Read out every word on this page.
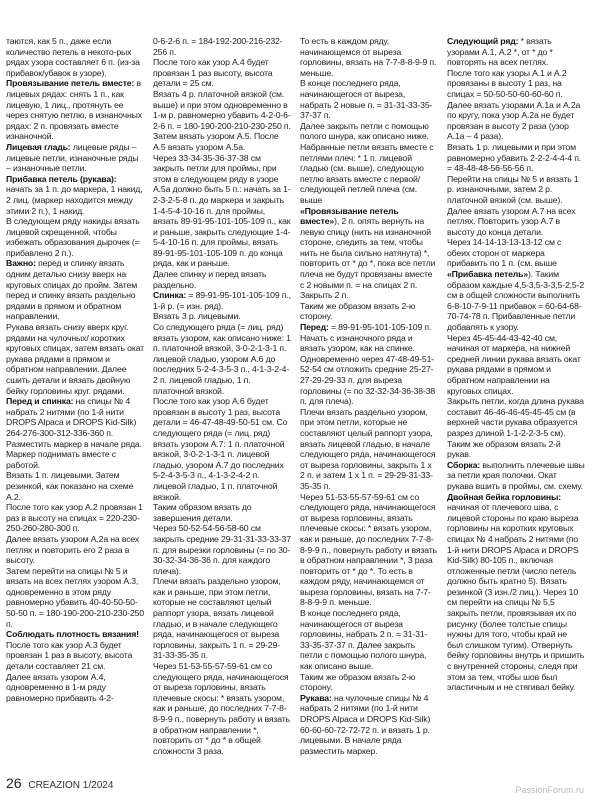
таются, как 5 п., даже если количество петель в некото-рых рядах узора составляет 6 п. (из-за прибавок/убавок в узоре).

Провязывание петель вместе: в лицевых рядах: снять 1 п., как лицевую, 1 лиц., протянуть ее через снятую петлю, в изнаночных рядах: 2 п. провязать вместе изнаночной.

Лицевая гладь: лицевые ряды – лицевые петли, изнаночные ряды – изнаночные петли.

Прибавка петель (рукава): начать за 1 п. до маркера, 1 накид, 2 лиц. (маркер находится между этими 2 п.), 1 накид.

В следующем ряду накиды вязать лицевой скрещенной, чтобы избежать образования дырочек (= прибавлено 2 п.).

Важно: перед и спинку вязать одним деталью снизу вверх на круговых спицах до пройм. Затем перед и спинку вязать раздельно рядами в прямом и обратном направлении.

Рукава вязать снизу вверх круг. рядами на чулочных/ коротких круговых спицах, затем вязать окат рукава рядами в прямом и обратном направлении. Далее сшить детали и вязать двойную бейку горловины круг. рядами.

Перед и спинка: на спицы № 4 набрать 2 нитями (по 1-й нити DROPS Alpaca и DROPS Kid-Silk) 264-276-300-312-336-360 п.

Разместить маркер в начале ряда. Маркер поднимать вместе с работой.

Вязать 1 п. лицевыми. Затем резинкой, как показано на схеме А.2.

После того как узор А.2 провязан 1 раз в высоту на спицах = 220-230-250-260-280-300 п.

Далее вязать узором А.2а на всех петлях и повторить его 2 раза в высоту.

Затем перейти на спицы № 5 и вязать на всех петлях узором А.3, одновременно в этом ряду равномерно убавить 40-40-50-50-50-50 п. = 180-190-200-210-230-250 п.

Соблюдать плотность вязания!

После того как узор А.3 будет провязан 1 раз в высоту, высота детали составляет 21 см.

Далее вязать узором А.4, одновременно в 1-м ряду равномерно прибавить 4-2-

0-6-2-6 п. = 184-192-200-216-232-256 п.

После того как узор А.4 будет провязан 1 раз высоту, высота детали = 25 см.

Вязать 4 р. платочной вязкой (см. выше) и при этом одновременно в 1-м р. равномерно убавить 4-2-0-6-2-6 п. = 180-190-200-210-230-250 п.

Затем вязать узором А.5. После А.5 вязать узором А.5а.

Через 33-34-35-36-37-38 см закрыть петли для проймы, при этом в следующем ряду в узоре А.5а должно быть 5 п.: начать за 1-2-3-2-5-8 п. до маркера и закрыть 1-4-5-4-10-16 п. для проймы, вязать 89-91-95-101-105-109 п., как и раньше, закрыть следующие 1-4-5-4-10-16 п. для проймы, вязать 89-91-95-101-105-109 п. до конца ряда, как и раньше.

Далее спинку и перед вязать раздельно.

Спинка: = 89-91-95-101-105-109 п., 1-й р. (= изн. ряд).

Вязать 3 р. лицевыми.

Со следующего ряда (= лиц. ряд) вязать узором, как описано ниже: 1 п. платочной вязкой, 3-0-2-1-3-1 п. лицевой гладью, узором А.6 до последних 5-2-4-3-5-3 п., 4-1-3-2-4-2 п. лицевой гладью, 1 п. платочной вязкой.

После того как узор А.6 будет провязан в высоту 1 раз, высота детали = 46-47-48-49-50-51 см. Со следующего ряда (= лиц. ряд) вязать узором А.7: 1 п. платочной вязкой, 3-0-2-1-3-1 п. лицевой гладью, узором А.7 до последних 5-2-4-3-5-3 п., 4-1-3-2-4-2 п. лицевой гладью, 1 п. платочной вязкой.

Таким образом вязать до завершения детали.

Через 50-52-54-56-58-60 см закрыть средние 29-31-31-33-33-37 п. для вырезки горловины (= по 30-30-32-34-36-36 п. для каждого плеча).

Плечи вязать раздельно узором, как и раньше, при этом петли, которые не составляют целый раппорт узора, вязать лицевой гладью, и в начале следующего ряда, начинающегося от выреза горловины, закрыть 1 п. = 29-29-31-33-35-35 п.

Через 51-53-55-57-59-61 см со следующего ряда, начинающегося от выреза горловины, вязать плечевые скосы: * вязать узором, как и раньше, до последних 7-7-8-8-9-9 п., повернуть работу и вязать в обратном направлении *, повторить от * до * в общей сложности 3 раза.

То есть в каждом ряду, начинающемся от выреза горловины, вязать на 7-7-8-8-9-9 п. меньше.

В конце последнего ряда, начинающегося от выреза, набрать 2 новые п. = 31-31-33-35-37-37 п.

Далее закрыть петли с помощью полого шнура, как описано ниже. Набранные петли вязать вместе с петлями плеч: * 1 п. лицевой гладью (см. выше), следующую петлю вязать вместе с первой/следующей петлей плеча (см. выше

«Провязывание петель вместе»), 2 п. опять вернуть на левую спицу (нить на изнаночной стороне, следить за тем, чтобы нить не была сильно натянута) *, повторить от * до *, пока все петли плеча не будут провязаны вместе с 2 новыми п. = на спицах 2 п. Закрыть 2 п.

Таким же образом вязать 2-ю сторону.

Перед: = 89-91-95-101-105-109 п. Начать с изнаночного ряда и вязать узором, как на спинке.

Одновременно через 47-48-49-51-52-54 см отложить средние 25-27-27-29-29-33 п. для выреза горловины (= по 32-32-34-36-38-38 п. для плеча).

Плечи вязать раздельно узором, при этом петли, которые не составляют целый раппорт узора, вязать лицевой гладью, в начале следующего ряда, начинающегося от выреза горловины, закрыть 1 х 2 п. и затем 1 х 1 п. = 29-29-31-33-35-35 п.

Через 51-53-55-57-59-61 см со следующего ряда, начинающегося от выреза горловины, вязать плечевые скосы: * вязать узором, как и раньше, до последних 7-7-8-8-9-9 п., повернуть работу и вязать в обратном направлении *, 3 раза повторить от * до *. То есть в каждом ряду, начинающемся от выреза горловины, вязать на 7-7-8-8-9-9 п. меньше.

В конце последнего ряда, начинающегося от выреза горловины, набрать 2 п. = 31-31-33-35-37-37 п. Далее закрыть петли с помощью полого шнура, как описано выше.

Таким же образом вязать 2-ю сторону.

Рукава: на чулочные спицы № 4 набрать 2 нитями (по 1-й нити DROPS Alpaca и DROPS Kid-Silk) 60-60-60-72-72-72 п. и вязать 1 р. лицевыми. В начале ряда разместить маркер.

Следующий ряд: * вязать узорами А.1, А.2 *, от * до * повторять на всех петлях.

После того как узоры А.1 и А.2 провязаны в высоту 1 раз, на спицах = 50-50-50-60-60-60 п.

Далее вязать узорами А.1а и А.2а по кругу, пока узор А.2а не будет провязан в высоту 2 раза (узор А.1а – 4 раза).

Вязать 1 р. лицевыми и при этом равномерно убавить 2-2-2-4-4-4 п. = 48-48-48-56-56-56 п.

Перейти на спицы № 5 и вязать 1 р. изнаночными, затем 2 р. платочной вязкой (см. выше).

Далее вязать узором А.7 на всех петлях. Повторить узор А.7 в высоту до конца детали.

Через 14-14-13-13-13-12 см с обеих сторон от маркера прибавить по 1 п. (см. выше

«Прибавка петель»). Таким образом каждые 4,5-3,5-3-3,5-2,5-2 см в общей сложности выполнить 6-8-10-7-9-11 прибавок = 60-64-68-70-74-78 п. Прибавленные петли добавлять к узору.

Через 45-45-44-43-42-40 см, начиная от маркера, на нижней средней линии рукава вязать окат рукава рядами в прямом и обратном направлении на круговых спицах.

Закрыть петли, когда длина рукава составит 46-46-46-45-45-45 см (в верхней части рукава образуется разрез длиной 1-1-2-2-3-5 см).

Таким же образом вязать 2-й рукав.

Сборка: выполнить плечевые швы за петли края полочки. Окат рукава вшить в проймы, см. схему.

Двойная бейка горловины: начиная от плечевого шва, с лицевой стороны по краю выреза горловины на коротких круговых спицах № 4 набрать 2 нитями (по 1-й нити DROPS Alpaca и DROPS Kid-Silk) 80-105 п., включая отложенные петли (число петель должно быть кратно 5). Вязать резинкой (3 изн./2 лиц.). Через 10 см перейти на спицы № 5,5 закрыть петли, провязывая их по рисунку (более толстые спицы нужны для того, чтобы край не был слишком тугим). Отвернуть бейку горловины внутрь и пришить с внутренней стороны, следя при этом за тем, чтобы шов был эластичным и не стягивал бейку.

26 CREAZION 1/2024	PassionForum.ru
